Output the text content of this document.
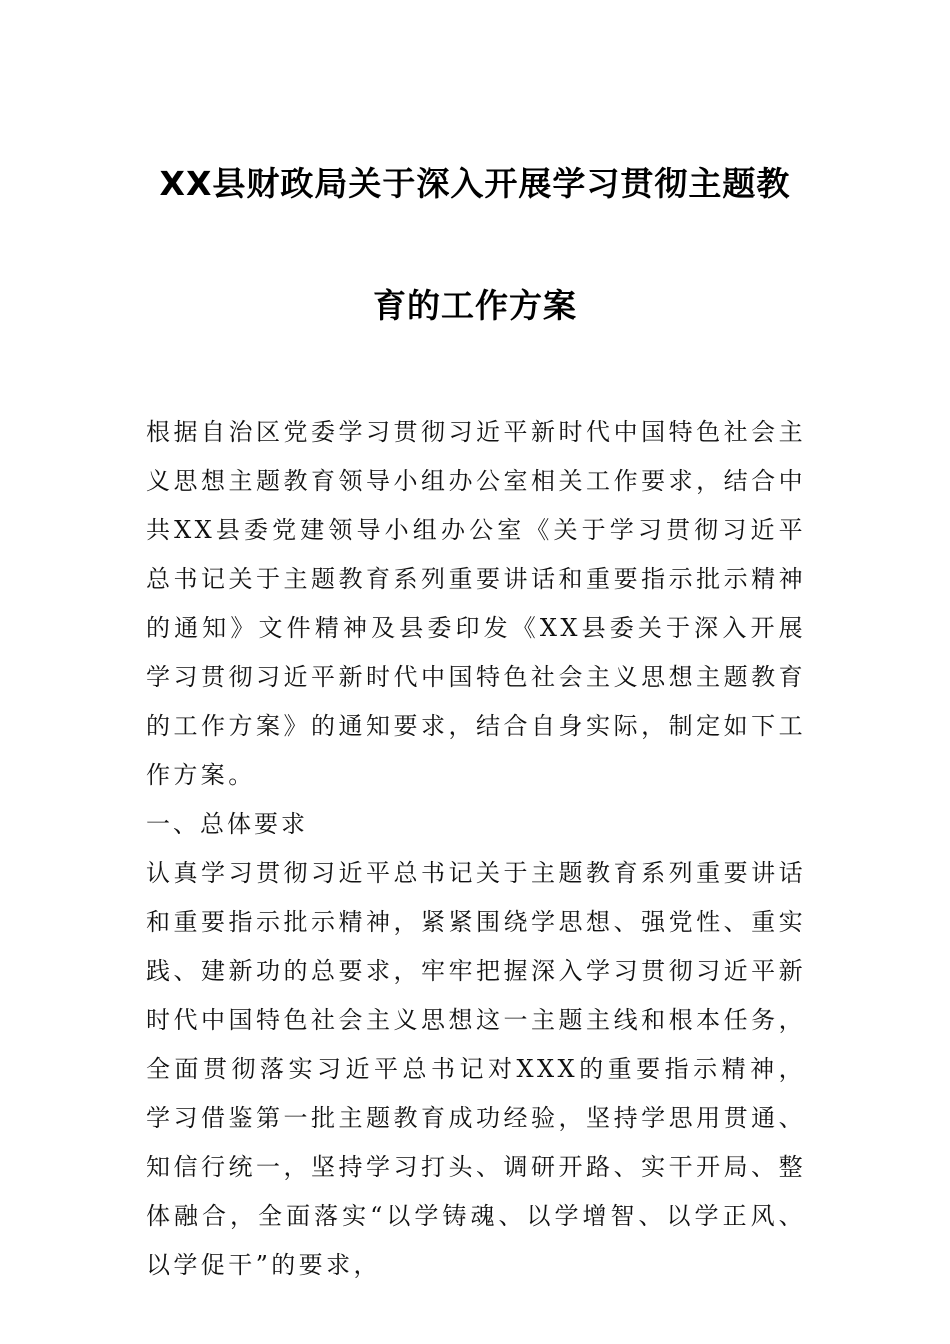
XX县财政局关于深入开展学习贯彻主题教
育的工作方案

根据自治区党委学习贯彻习近平新时代中国特色社会主义思想主题教育领导小组办公室相关工作要求，结合中共XX县委党建领导小组办公室《关于学习贯彻习近平总书记关于主题教育系列重要讲话和重要指示批示精神的通知》文件精神及县委印发《XX县委关于深入开展学习贯彻习近平新时代中国特色社会主义思想主题教育的工作方案》的通知要求，结合自身实际，制定如下工作方案。

一、总体要求

认真学习贯彻习近平总书记关于主题教育系列重要讲话和重要指示批示精神，紧紧围绕学思想、强党性、重实践、建新功的总要求，牢牢把握深入学习贯彻习近平新时代中国特色社会主义思想这一主题主线和根本任务，全面贯彻落实习近平总书记对XXX的重要指示精神，学习借鉴第一批主题教育成功经验，坚持学思用贯通、知信行统一，坚持学习打头、调研开路、实干开局、整体融合，全面落实“以学铸魂、以学增智、以学正风、以学促干”的要求，
